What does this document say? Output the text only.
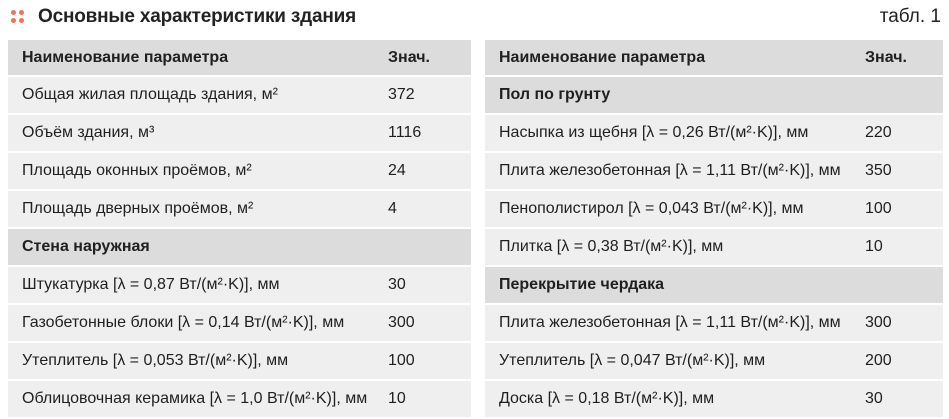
Основные характеристики здания	табл. 1
Наименование параметра	Знач.
Общая жилая площадь здания, м²	372
Объём здания, м³	1116
Площадь оконных проёмов, м²	24
Площадь дверных проёмов, м²	4
Стена наружная	
Штукатурка [λ = 0,87 Вт/(м²·K)], мм	30
Газобетонные блоки [λ = 0,14 Вт/(м²·K)], мм	300
Утеплитель [λ = 0,053 Вт/(м²·K)], мм	100
Облицовочная керамика [λ = 1,0 Вт/(м²·K)], мм	10
Наименование параметра	Знач.
Пол по грунту	
Насыпка из щебня [λ = 0,26 Вт/(м²·K)], мм	220
Плита железобетонная [λ = 1,11 Вт/(м²·K)], мм	350
Пенополистирол [λ = 0,043 Вт/(м²·K)], мм	100
Плитка [λ = 0,38 Вт/(м²·K)], мм	10
Перекрытие чердака	
Плита железобетонная [λ = 1,11 Вт/(м²·K)], мм	300
Утеплитель [λ = 0,047 Вт/(м²·K)], мм	200
Доска [λ = 0,18 Вт/(м²·K)], мм	30
